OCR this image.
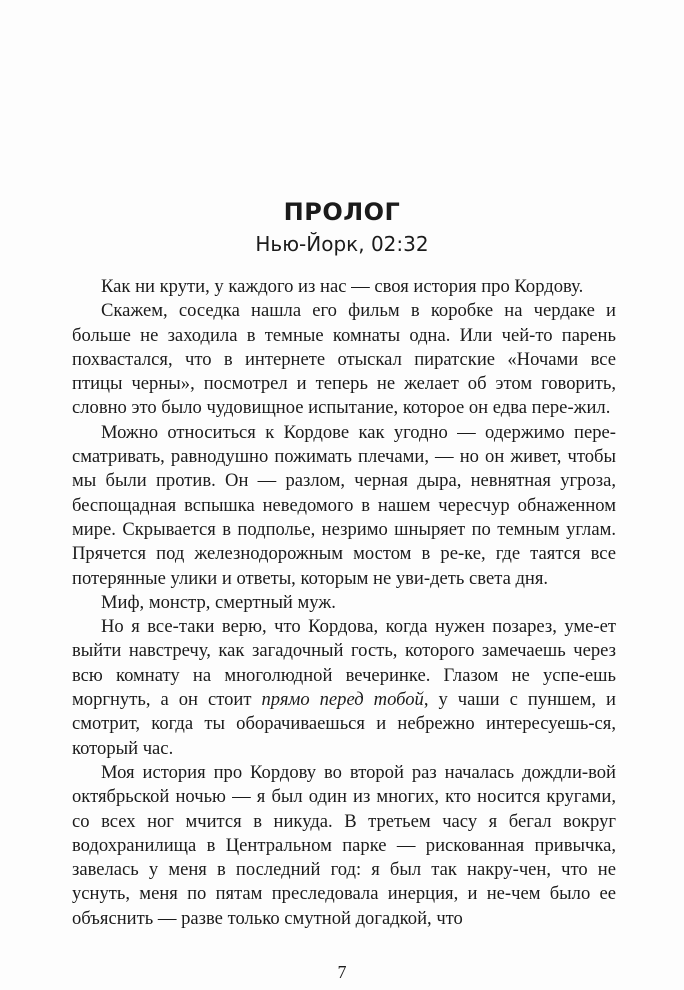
ПРОЛОГ
Нью-Йорк, 02:32

Как ни крути, у каждого из нас — своя история про Кордову.

Скажем, соседка нашла его фильм в коробке на чердаке и больше не заходила в темные комнаты одна. Или чей-то парень похвастался, что в интернете отыскал пиратские «Ночами все птицы черны», посмотрел и теперь не желает об этом говорить, словно это было чудовищное испытание, которое он едва пере-жил.

Можно относиться к Кордове как угодно — одержимо пере-сматривать, равнодушно пожимать плечами, — но он живет, чтобы мы были против. Он — разлом, черная дыра, невнятная угроза, беспощадная вспышка неведомого в нашем чересчур обнаженном мире. Скрывается в подполье, незримо шныряет по темным углам. Прячется под железнодорожным мостом в ре-ке, где таятся все потерянные улики и ответы, которым не уви-деть света дня.

Миф, монстр, смертный муж.

Но я все-таки верю, что Кордова, когда нужен позарез, уме-ет выйти навстречу, как загадочный гость, которого замечаешь через всю комнату на многолюдной вечеринке. Глазом не успе-ешь моргнуть, а он стоит прямо перед тобой, у чаши с пуншем, и смотрит, когда ты оборачиваешься и небрежно интересуешь-ся, который час.

Моя история про Кордову во второй раз началась дождли-вой октябрьской ночью — я был один из многих, кто носится кругами, со всех ног мчится в никуда. В третьем часу я бегал вокруг водохранилища в Центральном парке — рискованная привычка, завелась у меня в последний год: я был так накру-чен, что не уснуть, меня по пятам преследовала инерция, и не-чем было ее объяснить — разве только смутной догадкой, что

7
